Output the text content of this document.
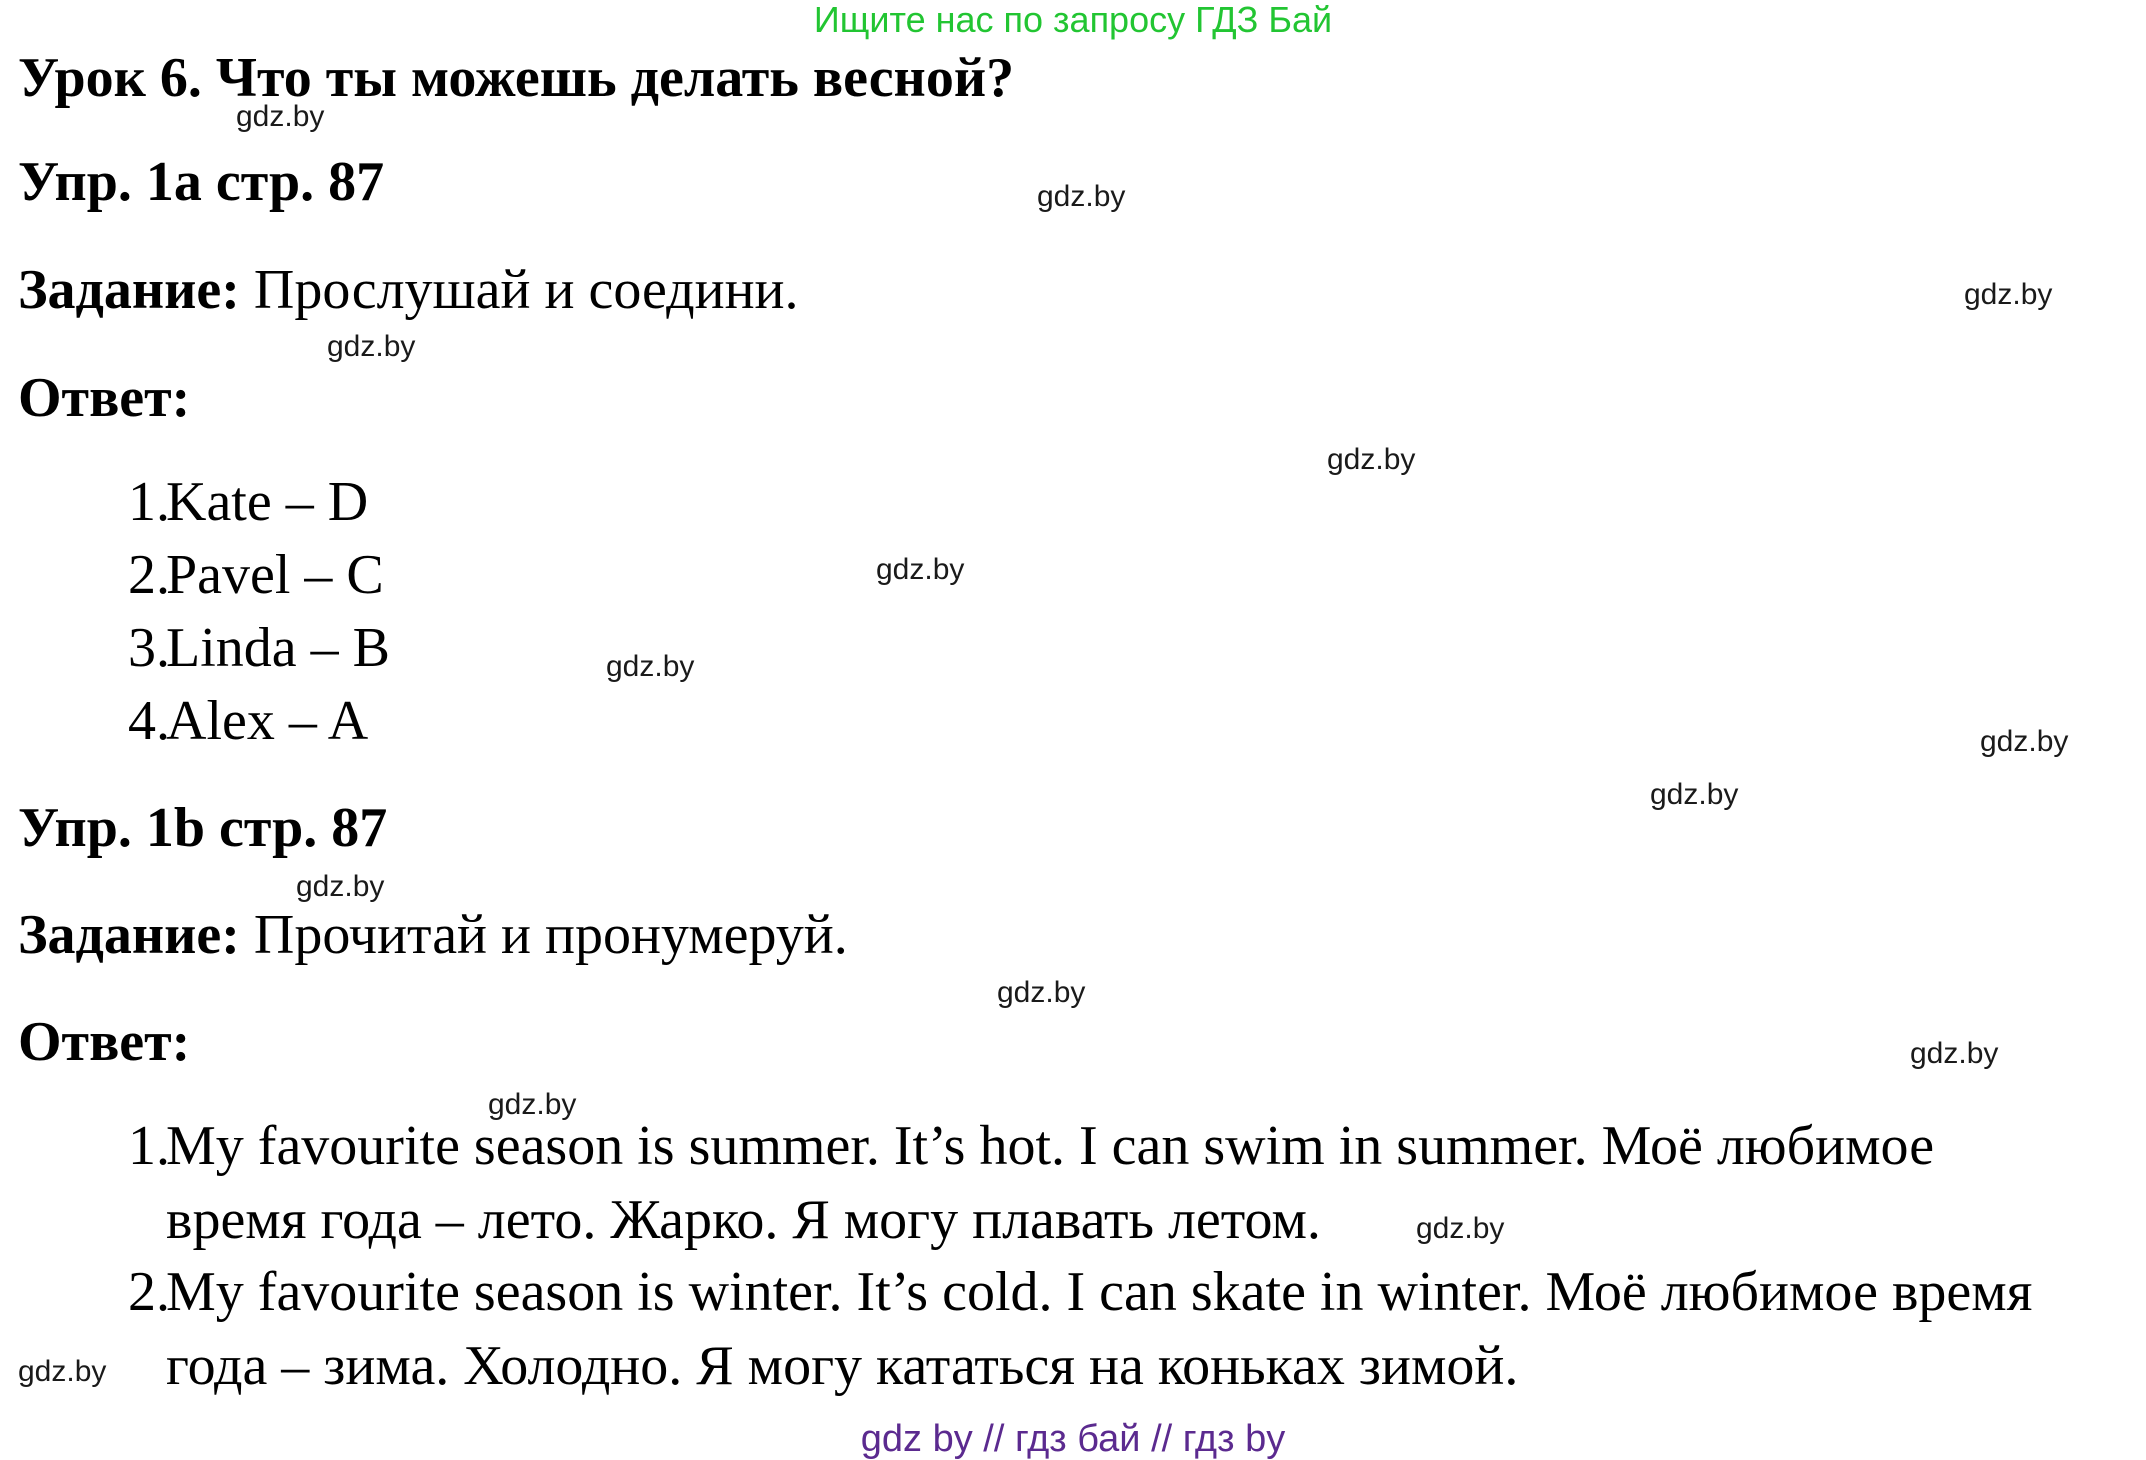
Ищите нас по запросу ГДЗ Бай
Урок 6. Что ты можешь делать весной?
Упр. 1a стр. 87
Задание: Прослушай и соедини.
Ответ:
1.
Kate – D
2.
Pavel – C
3.
Linda – B
4.
Alex – A
Упр. 1b стр. 87
Задание: Прочитай и пронумеруй.
Ответ:
1.
My favourite season is summer. It’s hot. I can swim in summer. Моё любимое
время года – лето. Жарко. Я могу плавать летом.
2.
My favourite season is winter. It’s cold. I can skate in winter. Моё любимое время
года – зима. Холодно. Я могу кататься на коньках зимой.
gdz.by
gdz.by
gdz.by
gdz.by
gdz.by
gdz.by
gdz.by
gdz.by
gdz.by
gdz.by
gdz.by
gdz.by
gdz.by
gdz.by
gdz.by
gdz by // гдз бай // гдз by
